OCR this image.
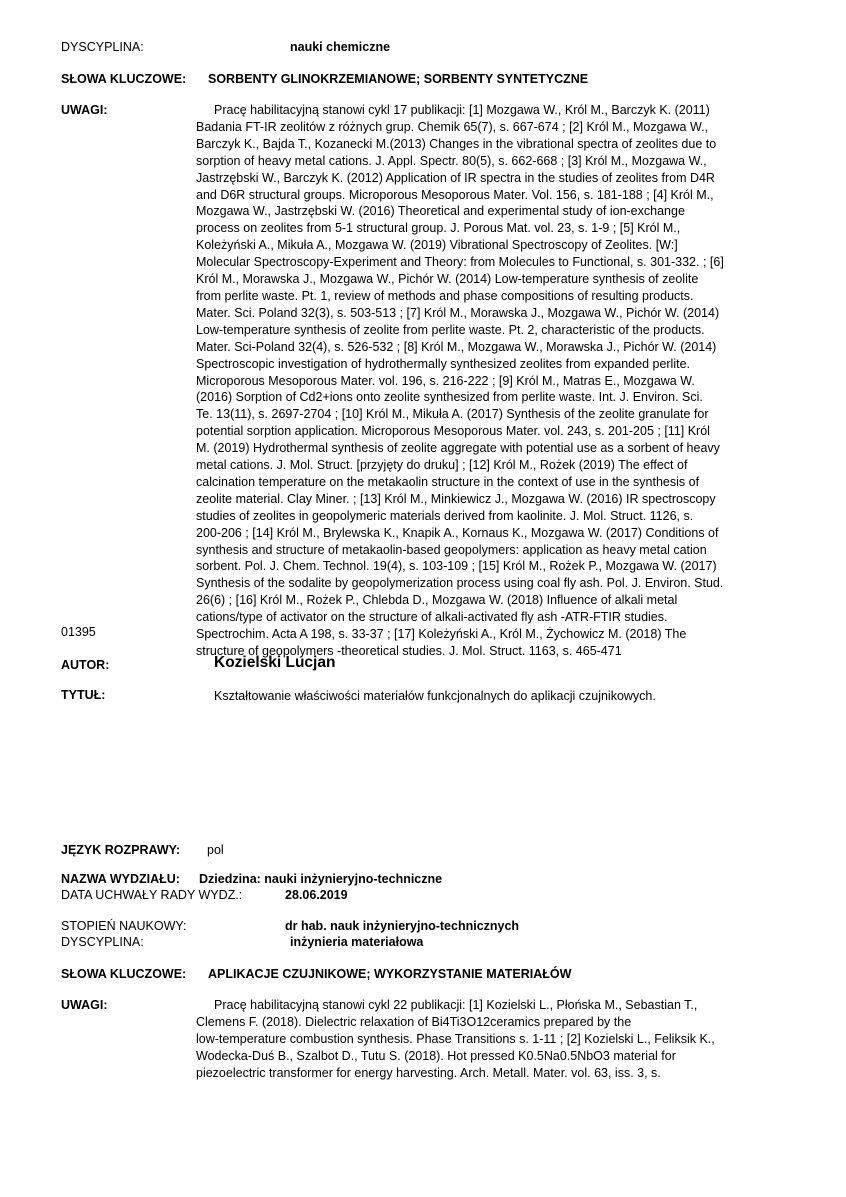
DYSCYPLINA:	nauki chemiczne
SŁOWA KLUCZOWE: SORBENTY GLINOKRZEMIANOWE; SORBENTY SYNTETYCZNE
UWAGI:	Pracę habilitacyjną stanowi cykl 17 publikacji: [1] Mozgawa W., Król M., Barczyk K. (2011)
Badania FT-IR zeolitów z różnych grup. Chemik 65(7), s. 667-674 ; [2] Król M., Mozgawa W.,
Barczyk K., Bajda T., Kozanecki M.(2013) Changes in the vibrational spectra of zeolites due to
sorption of heavy metal cations. J. Appl. Spectr. 80(5), s. 662-668 ; [3] Król M., Mozgawa W.,
Jastrzębski W., Barczyk K. (2012) Application of IR spectra in the studies of zeolites from D4R
and D6R structural groups. Microporous Mesoporous Mater. Vol. 156, s. 181-188 ; [4] Król M.,
Mozgawa W., Jastrzębski W. (2016) Theoretical and experimental study of ion-exchange
process on zeolites from 5-1 structural group. J. Porous Mat. vol. 23, s. 1-9 ; [5] Król M.,
Koleżyński A., Mikuła A., Mozgawa W. (2019) Vibrational Spectroscopy of Zeolites. [W:]
Molecular Spectroscopy-Experiment and Theory: from Molecules to Functional, s. 301-332. ; [6]
Król M., Morawska J., Mozgawa W., Pichór W. (2014) Low-temperature synthesis of zeolite
from perlite waste. Pt. 1, review of methods and phase compositions of resulting products.
Mater. Sci. Poland 32(3), s. 503-513 ; [7] Król M., Morawska J., Mozgawa W., Pichór W. (2014)
Low-temperature synthesis of zeolite from perlite waste. Pt. 2, characteristic of the products.
Mater. Sci-Poland 32(4), s. 526-532 ; [8] Król M., Mozgawa W., Morawska J., Pichór W. (2014)
Spectroscopic investigation of hydrothermally synthesized zeolites from expanded perlite.
Microporous Mesoporous Mater. vol. 196, s. 216-222 ; [9] Król M., Matras E., Mozgawa W.
(2016) Sorption of Cd2+ions onto zeolite synthesized from perlite waste. Int. J. Environ. Sci.
Te. 13(11), s. 2697-2704 ; [10] Król M., Mikuła A. (2017) Synthesis of the zeolite granulate for
potential sorption application. Microporous Mesoporous Mater. vol. 243, s. 201-205 ; [11] Król
M. (2019) Hydrothermal synthesis of zeolite aggregate with potential use as a sorbent of heavy
metal cations. J. Mol. Struct. [przyjęty do druku] ; [12] Król M., Rożek (2019) The effect of
calcination temperature on the metakaolin structure in the context of use in the synthesis of
zeolite material. Clay Miner. ; [13] Król M., Minkiewicz J., Mozgawa W. (2016) IR spectroscopy
studies of zeolites in geopolymeric materials derived from kaolinite. J. Mol. Struct. 1126, s.
200-206 ; [14] Król M., Brylewska K., Knapik A., Kornaus K., Mozgawa W. (2017) Conditions of
synthesis and structure of metakaolin-based geopolymers: application as heavy metal cation
sorbent. Pol. J. Chem. Technol. 19(4), s. 103-109 ; [15] Król M., Rożek P., Mozgawa W. (2017)
Synthesis of the sodalite by geopolymerization process using coal fly ash. Pol. J. Environ. Stud.
26(6) ; [16] Król M., Rożek P., Chlebda D., Mozgawa W. (2018) Influence of alkali metal
cations/type of activator on the structure of alkali-activated fly ash -ATR-FTIR studies.
Spectrochim. Acta A 198, s. 33-37 ; [17] Koleżyński A., Król M., Żychowicz M. (2018) The
structure of geopolymers -theoretical studies. J. Mol. Struct. 1163, s. 465-471
01395
AUTOR:	Kozielski Lucjan
TYTUŁ:	Kształtowanie właściwości materiałów funkcjonalnych do aplikacji czujnikowych.
JĘZYK ROZPRAWY: pol
NAZWA WYDZIAŁU: Dziedzina: nauki inżynieryjno-techniczne
DATA UCHWAŁY RADY WYDZ.:	28.06.2019
STOPIEŃ NAUKOWY:	dr hab. nauk inżynieryjno-technicznych
DYSCYPLINA:	inżynieria materiałowa
SŁOWA KLUCZOWE: APLIKACJE CZUJNIKOWE; WYKORZYSTANIE MATERIAŁÓW
UWAGI:	Pracę habilitacyjną stanowi cykl 22 publikacji: [1] Kozielski L., Płońska M., Sebastian T.,
Clemens F. (2018). Dielectric relaxation of Bi4Ti3O12ceramics prepared by the
low-temperature combustion synthesis. Phase Transitions s. 1-11 ; [2] Kozielski L., Feliksik K.,
Wodecka-Duś B., Szalbot D., Tutu S. (2018). Hot pressed K0.5Na0.5NbO3 material for
piezoelectric transformer for energy harvesting. Arch. Metall. Mater. vol. 63, iss. 3, s.
